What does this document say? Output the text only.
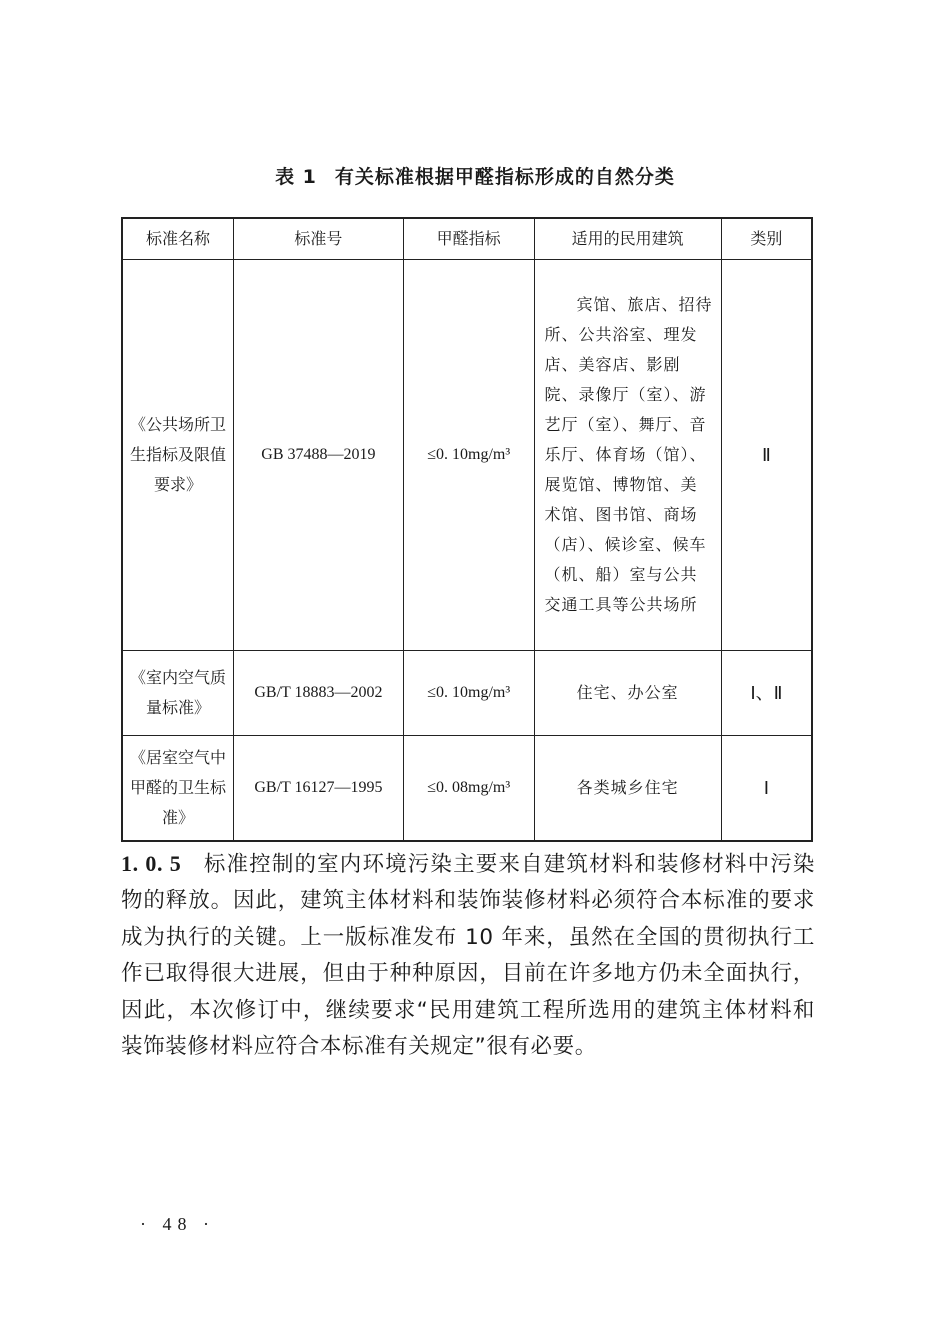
表 1 有关标准根据甲醛指标形成的自然分类
标准名称	标准号	甲醛指标	适用的民用建筑	类别
《公共场所卫生指标及限值要求》	GB 37488—2019	≤0. 10mg/m³	宾馆、旅店、招待所、公共浴室、理发店、美容店、影剧院、录像厅（室）、游艺厅（室）、舞厅、音乐厅、体育场（馆）、展览馆、博物馆、美术馆、图书馆、商场（店）、候诊室、候车（机、船）室与公共交通工具等公共场所	Ⅱ
《室内空气质量标准》	GB/T 18883—2002	≤0. 10mg/m³	住宅、办公室	Ⅰ、Ⅱ
《居室空气中甲醛的卫生标准》	GB/T 16127—1995	≤0. 08mg/m³	各类城乡住宅	Ⅰ
1. 0. 5 标准控制的室内环境污染主要来自建筑材料和装修材料中污染物的释放。因此，建筑主体材料和装饰装修材料必须符合本标准的要求成为执行的关键。上一版标准发布 10 年来，虽然在全国的贯彻执行工作已取得很大进展，但由于种种原因，目前在许多地方仍未全面执行，因此，本次修订中，继续要求“民用建筑工程所选用的建筑主体材料和装饰装修材料应符合本标准有关规定”很有必要。
· 48 ·
